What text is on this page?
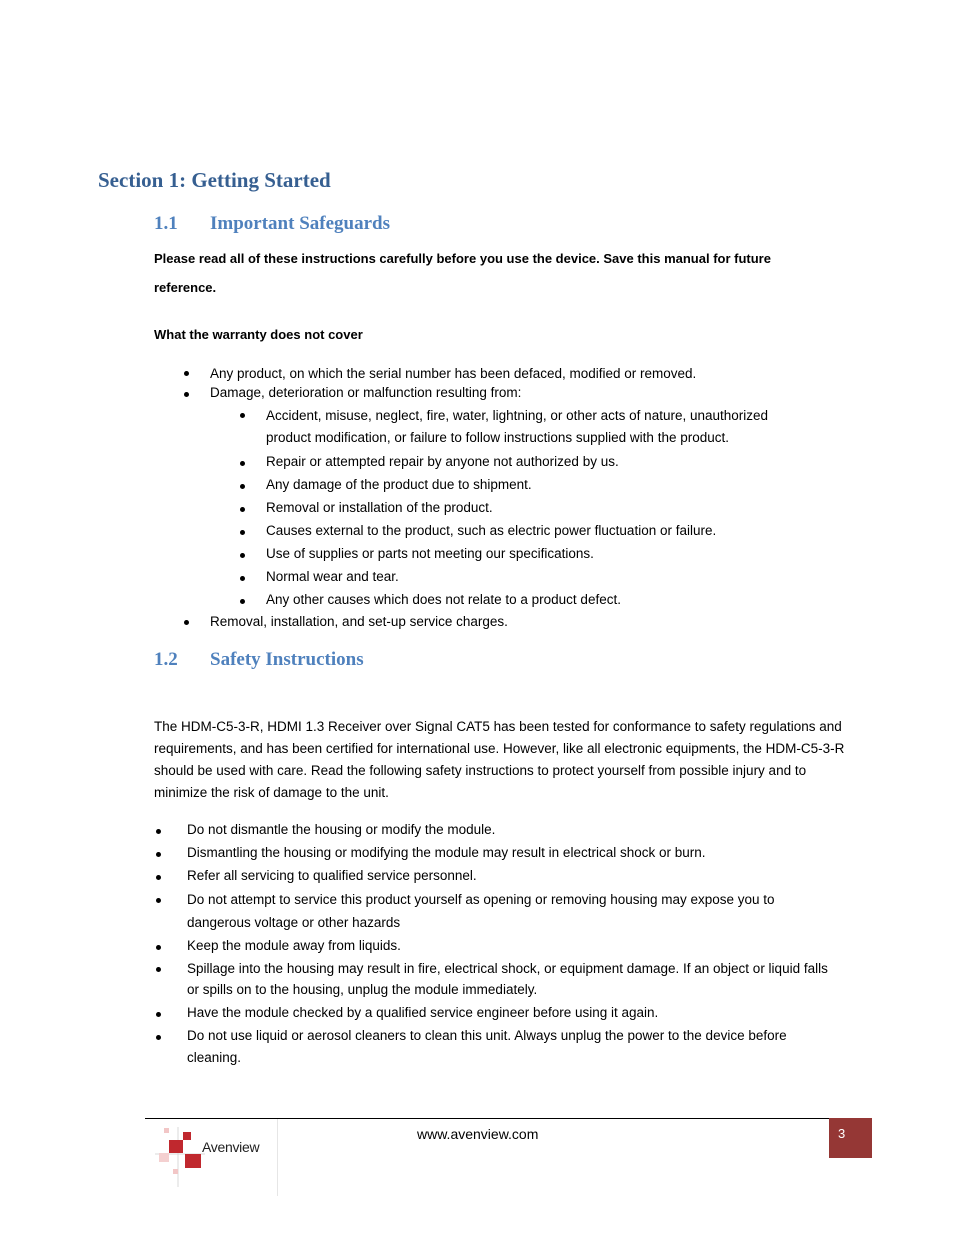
Section 1: Getting Started
1.1 Important Safeguards

Please read all of these instructions carefully before you use the device. Save this manual for future

reference.

What the warranty does not cover

Any product, on which the serial number has been defaced, modified or removed.
Damage, deterioration or malfunction resulting from:
Accident, misuse, neglect, fire, water, lightning, or other acts of nature, unauthorized product modification, or failure to follow instructions supplied with the product.
Repair or attempted repair by anyone not authorized by us.
Any damage of the product due to shipment.
Removal or installation of the product.
Causes external to the product, such as electric power fluctuation or failure.
Use of supplies or parts not meeting our specifications.
Normal wear and tear.
Any other causes which does not relate to a product defect.
Removal, installation, and set-up service charges.
1.2 Safety Instructions

The HDM-C5-3-R, HDMI 1.3 Receiver over Signal CAT5 has been tested for conformance to safety regulations and requirements, and has been certified for international use. However, like all electronic equipments, the HDM-C5-3-R should be used with care. Read the following safety instructions to protect yourself from possible injury and to minimize the risk of damage to the unit.

Do not dismantle the housing or modify the module.
Dismantling the housing or modifying the module may result in electrical shock or burn.
Refer all servicing to qualified service personnel.
Do not attempt to service this product yourself as opening or removing housing may expose you to dangerous voltage or other hazards
Keep the module away from liquids.
Spillage into the housing may result in fire, electrical shock, or equipment damage. If an object or liquid falls or spills on to the housing, unplug the module immediately.
Have the module checked by a qualified service engineer before using it again.
Do not use liquid or aerosol cleaners to clean this unit. Always unplug the power to the device before cleaning.
Avenview
www.avenview.com	3
